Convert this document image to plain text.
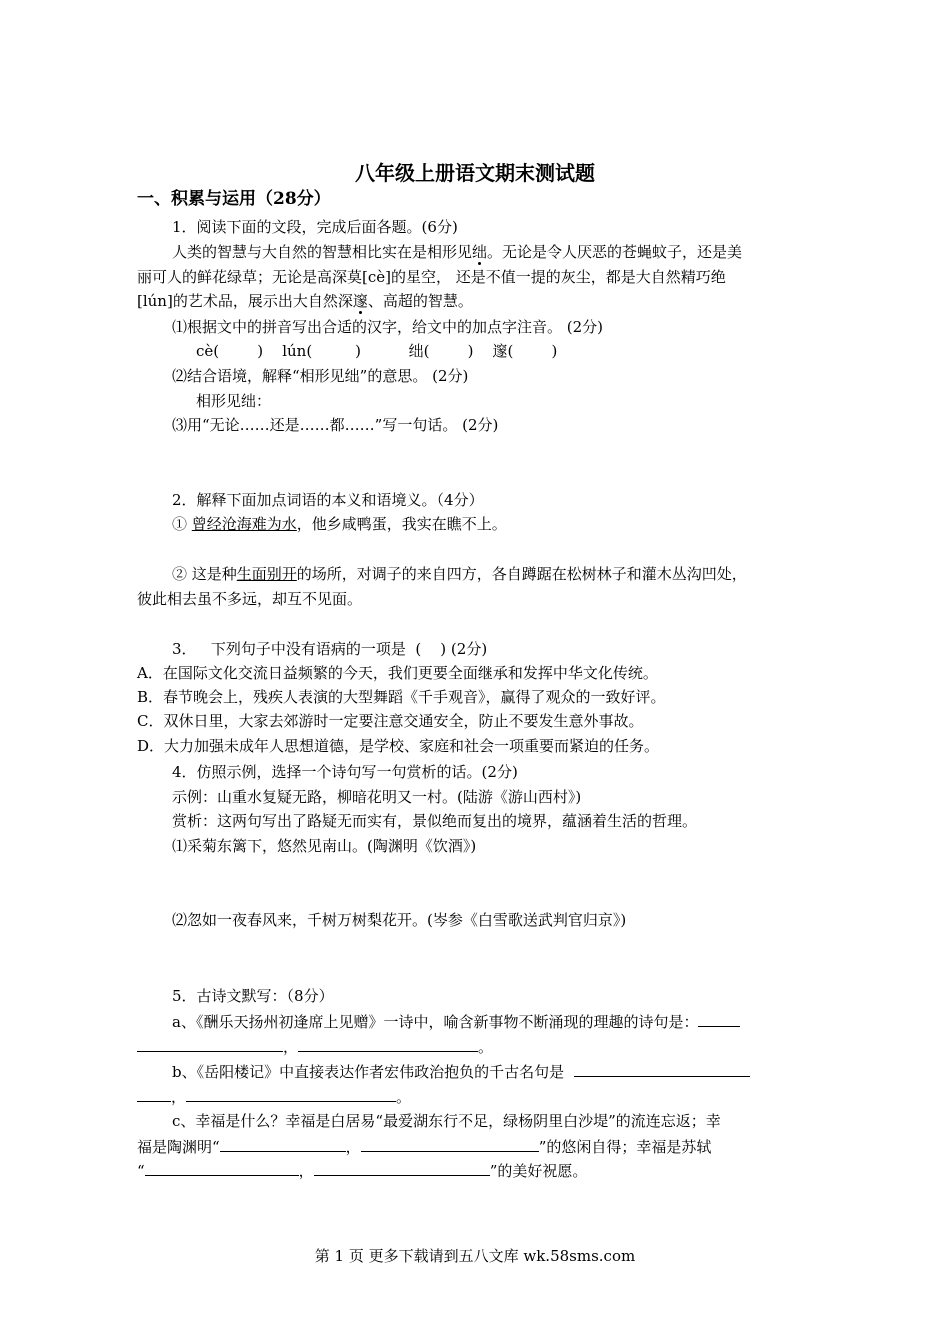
八年级上册语文期末测试题
一、积累与运用（28分）
1．阅读下面的文段，完成后面各题。(6分)
人类的智慧与大自然的智慧相比实在是相形见绌。无论是令人厌恶的苍蝇蚊子，还是美
丽可人的鲜花绿草；无论是高深莫[cè]的星空， 还是不值一提的灰尘，都是大自然精巧绝
[lún]的艺术品，展示出大自然深邃、高超的智慧。
⑴根据文中的拼音写出合适的汉字，给文中的加点字注音。 (2分)
cè(        )    lún(         )          绌(        )    邃(        )
⑵结合语境，解释“相形见绌”的意思。 (2分)
相形见绌：
⑶用“无论……还是……都……”写一句话。 (2分)
2．解释下面加点词语的本义和语境义。（4分）
① 曾经沧海难为水，他乡咸鸭蛋，我实在瞧不上。
② 这是种生面别开的场所，对调子的来自四方，各自蹲踞在松树林子和灌木丛沟凹处，
彼此相去虽不多远，却互不见面。
3．   下列句子中没有语病的一项是  (    ) (2分)
A．在国际文化交流日益频繁的今天，我们更要全面继承和发挥中华文化传统。
B．春节晚会上，残疾人表演的大型舞蹈《千手观音》，赢得了观众的一致好评。
C．双休日里，大家去郊游时一定要注意交通安全，防止不要发生意外事故。
D．大力加强未成年人思想道德，是学校、家庭和社会一项重要而紧迫的任务。
4．仿照示例，选择一个诗句写一句赏析的话。(2分)
示例：山重水复疑无路，柳暗花明又一村。(陆游《游山西村》)
赏析：这两句写出了路疑无而实有，景似绝而复出的境界，蕴涵着生活的哲理。
⑴采菊东篱下，悠然见南山。(陶渊明《饮酒》)
⑵忽如一夜春风来，千树万树梨花开。(岑参《白雪歌送武判官归京》)
5．古诗文默写：（8分）
a、《酬乐天扬州初逢席上见赠》一诗中，喻含新事物不断涌现的理趣的诗句是：
，	。
b、《岳阳楼记》中直接表达作者宏伟政治抱负的千古名句是
，	。
c、幸福是什么？幸福是白居易“最爱湖东行不足，绿杨阴里白沙堤”的流连忘返；幸
福是陶渊明“	，	”的悠闲自得；幸福是苏轼
“	，	”的美好祝愿。
第 1 页 更多下载请到五八文库 wk.58sms.com
